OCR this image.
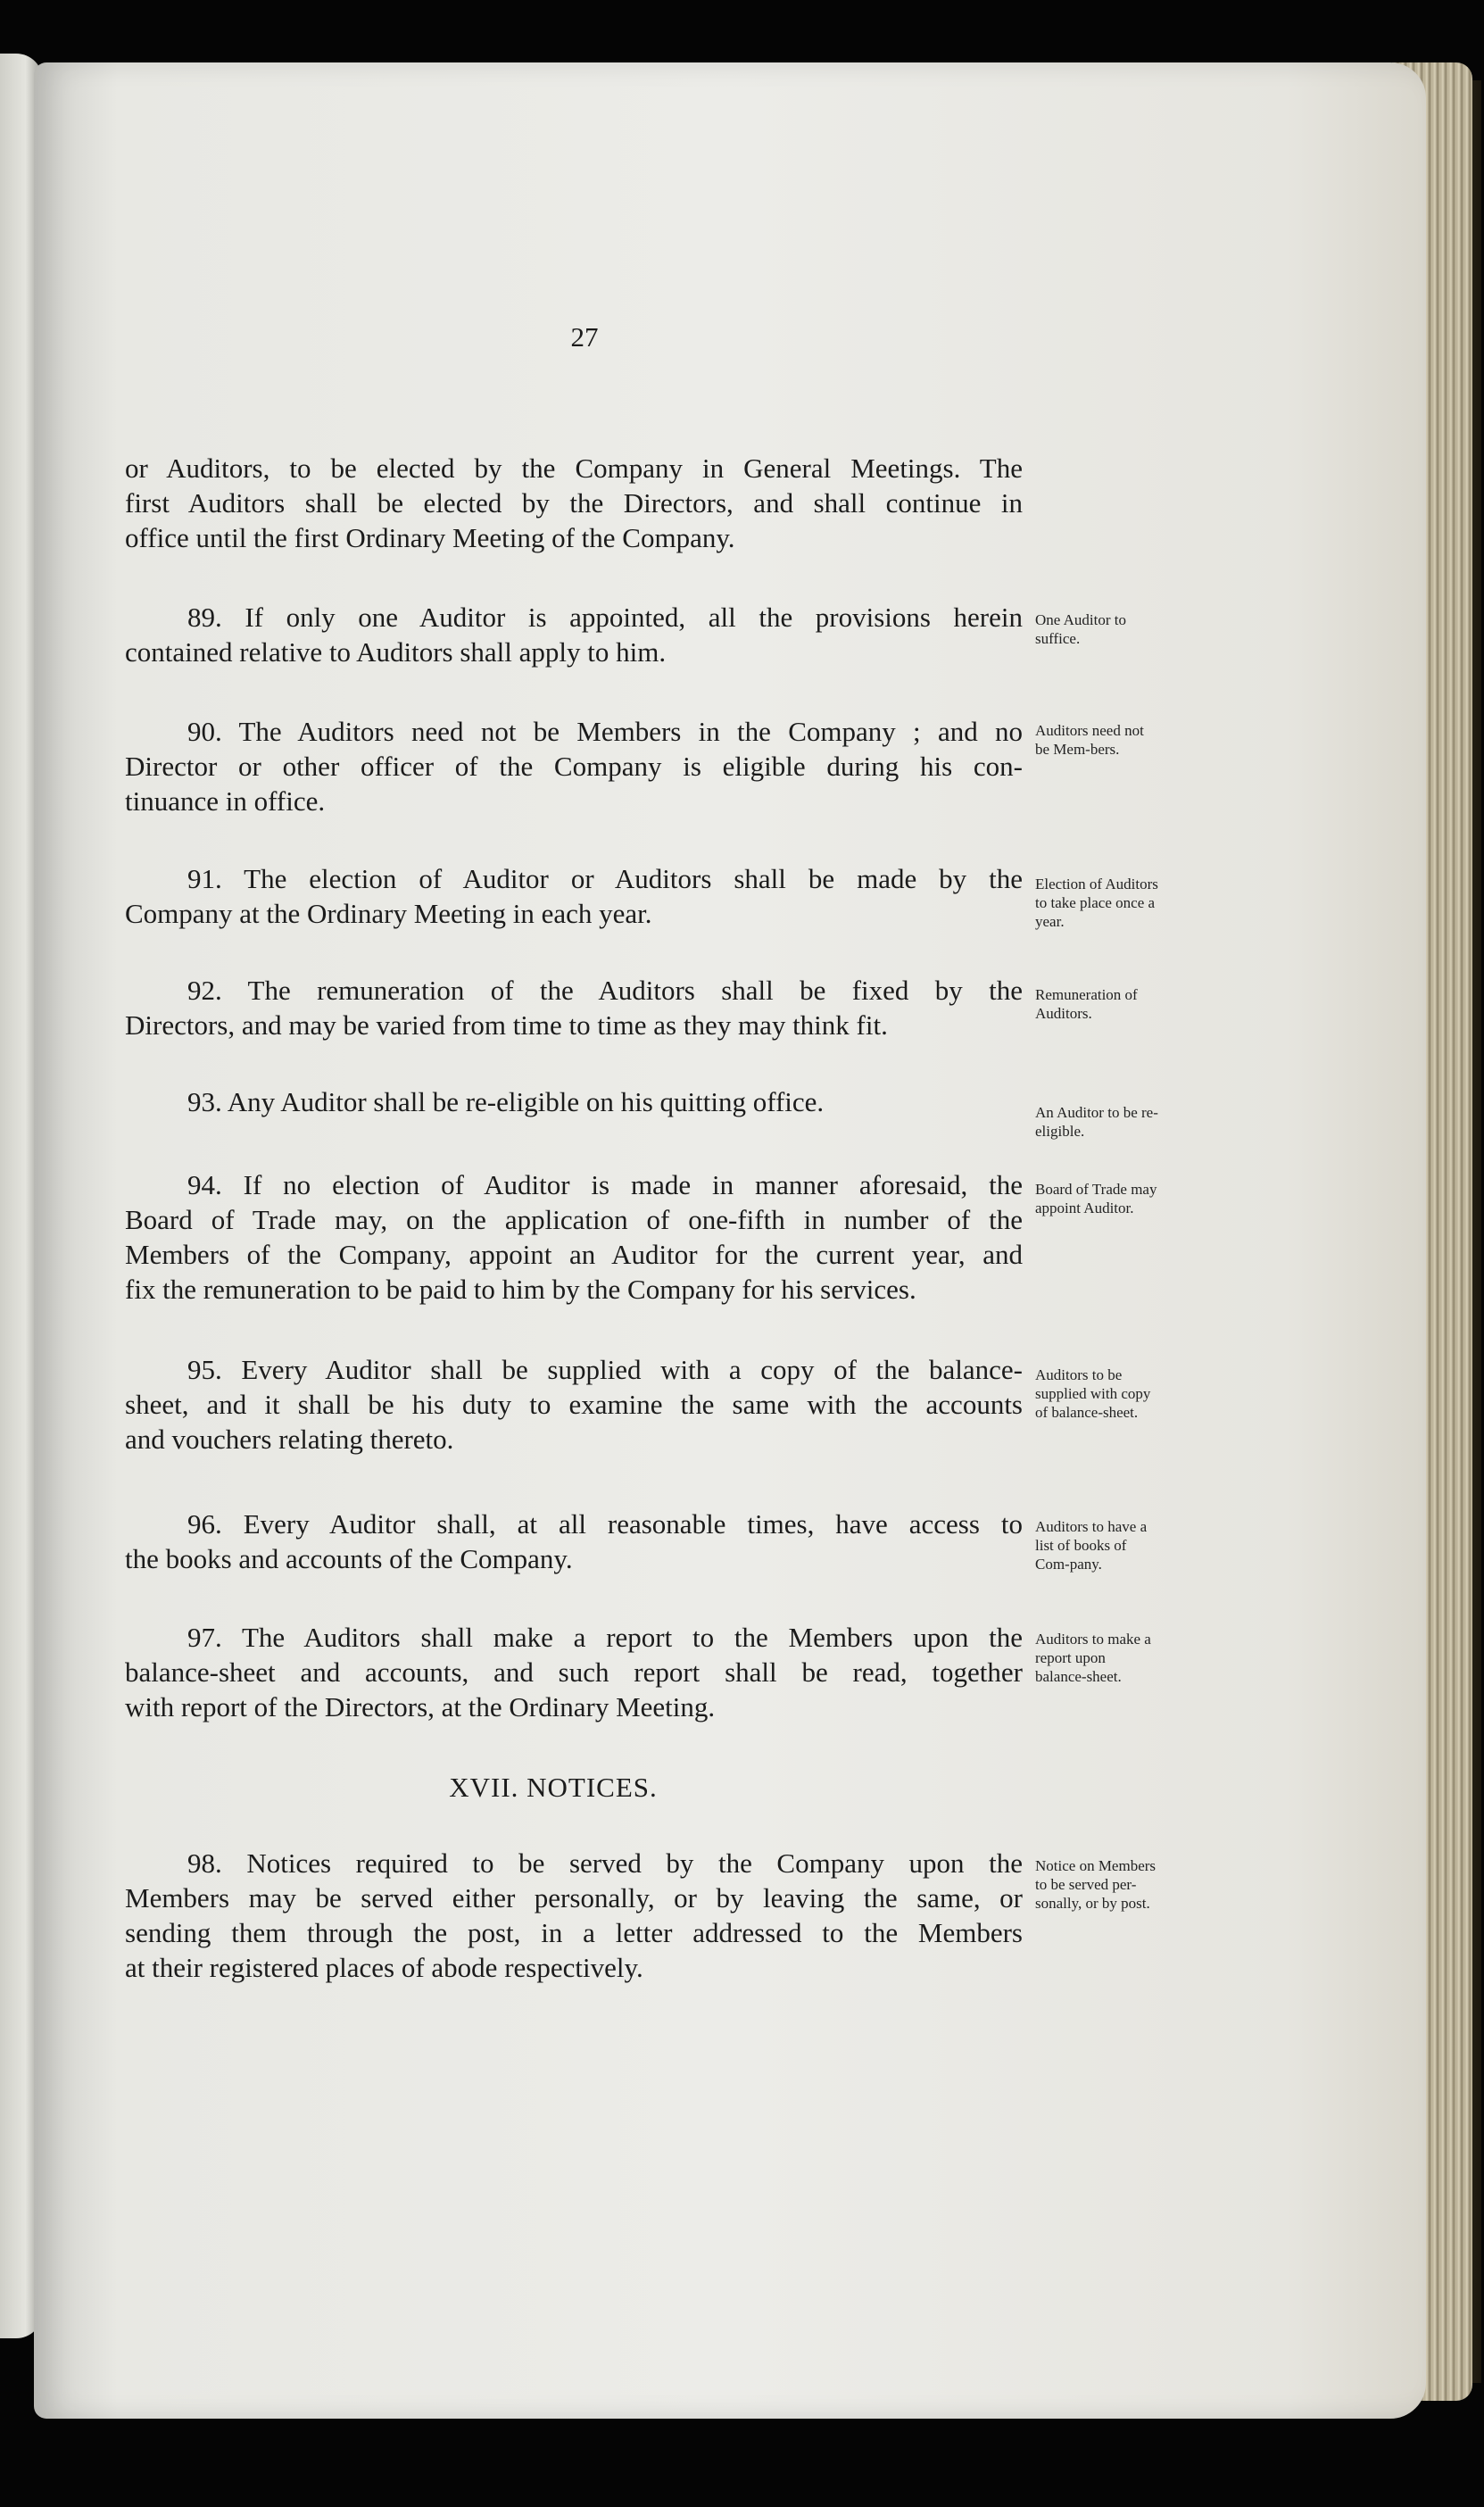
27
or Auditors, to be elected by the Company in General Meetings. The
first Auditors shall be elected by the Directors, and shall continue in
office until the first Ordinary Meeting of the Company.
89. If only one Auditor is appointed, all the provisions herein
contained relative to Auditors shall apply to him.
One Auditor to suffice.
90. The Auditors need not be Members in the Company ; and no
Director or other officer of the Company is eligible during his con-
tinuance in office.
Auditors need not be Mem-bers.
91. The election of Auditor or Auditors shall be made by the
Company at the Ordinary Meeting in each year.
Election of Auditors to take place once a year.
92. The remuneration of the Auditors shall be fixed by the
Directors, and may be varied from time to time as they may think fit.
Remuneration of Auditors.
93. Any Auditor shall be re-eligible on his quitting office.	An Auditor to be re-eligible.
94. If no election of Auditor is made in manner aforesaid, the
Board of Trade may, on the application of one-fifth in number of the
Members of the Company, appoint an Auditor for the current year, and
fix the remuneration to be paid to him by the Company for his services.
Board of Trade may appoint Auditor.
95. Every Auditor shall be supplied with a copy of the balance-
sheet, and it shall be his duty to examine the same with the accounts
and vouchers relating thereto.
Auditors to be supplied with copy of balance-sheet.
96. Every Auditor shall, at all reasonable times, have access to
the books and accounts of the Company.
Auditors to have a list of books of Com-pany.
97. The Auditors shall make a report to the Members upon the
balance-sheet and accounts, and such report shall be read, together
with report of the Directors, at the Ordinary Meeting.
Auditors to make a report upon balance-sheet.
XVII. NOTICES.
98. Notices required to be served by the Company upon the
Members may be served either personally, or by leaving the same, or
sending them through the post, in a letter addressed to the Members
at their registered places of abode respectively.
Notice on Members to be served per-sonally, or by post.
